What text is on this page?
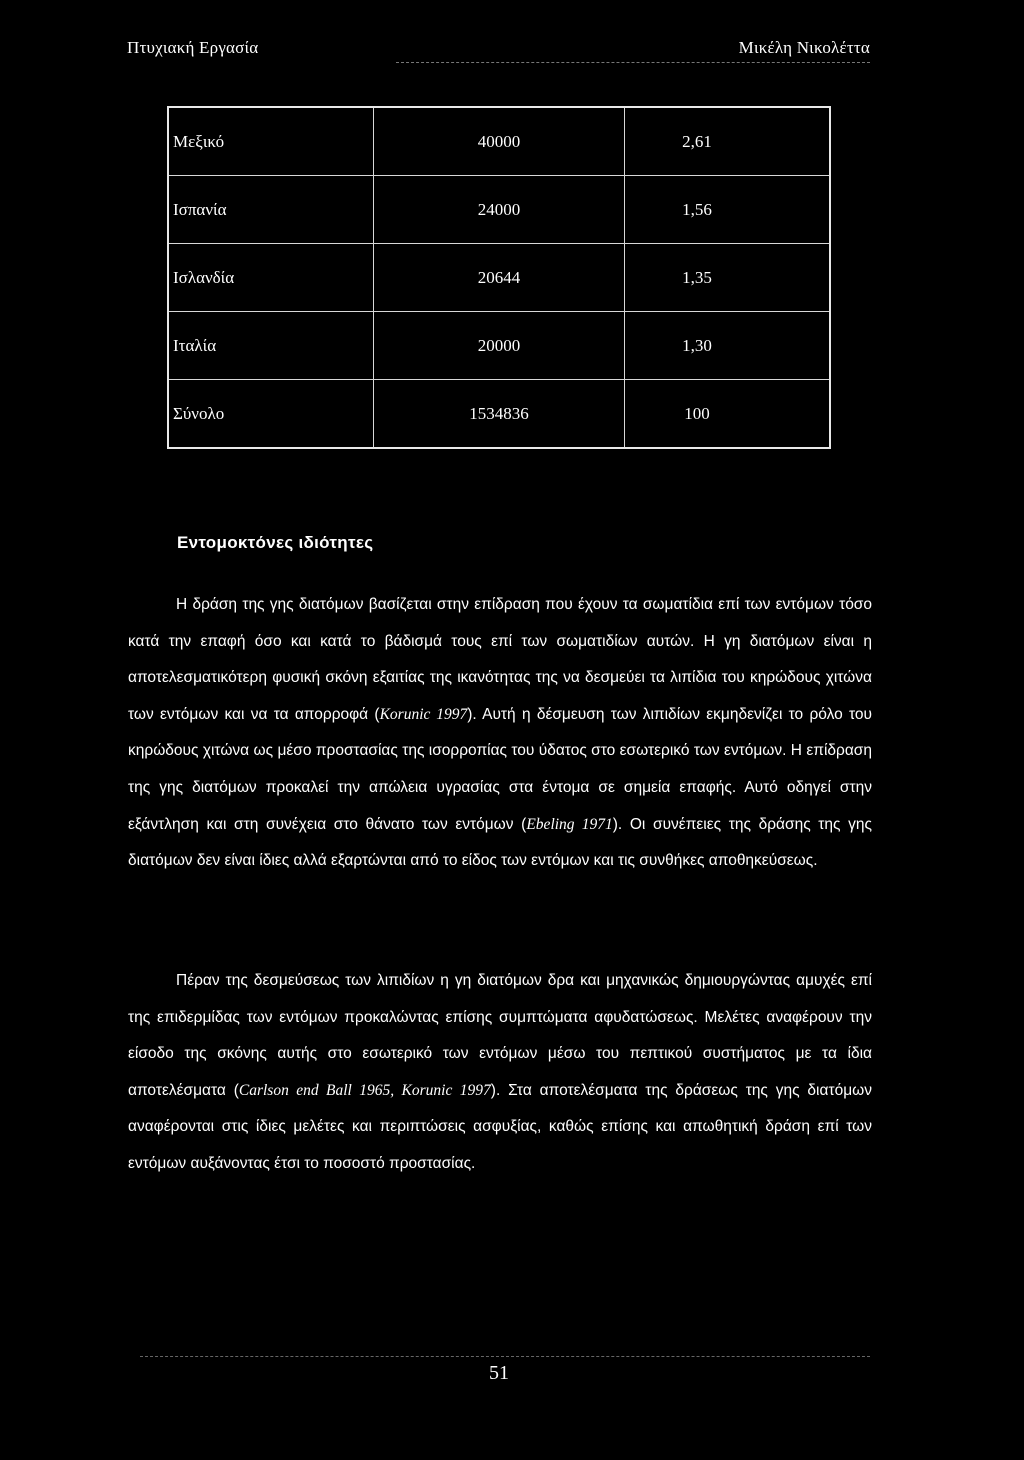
Πτυχιακή Εργασία	Μικέλη Νικολέττα
Μεξικό	40000	2,61
Ισπανία	24000	1,56
Ισλανδία	20644	1,35
Ιταλία	20000	1,30
Σύνολο	1534836	100
Εντομοκτόνες ιδιότητες

Η δράση της γης διατόμων βασίζεται στην επίδραση που έχουν τα σωματίδια επί των εντόμων τόσο κατά την επαφή όσο και κατά το βάδισμά τους επί των σωματιδίων αυτών. Η γη διατόμων είναι η αποτελεσματικότερη φυσική σκόνη εξαιτίας της ικανότητας της να δεσμεύει τα λιπίδια του κηρώδους χιτώνα των εντόμων και να τα απορροφά (Korunic 1997). Αυτή η δέσμευση των λιπιδίων εκμηδενίζει το ρόλο του κηρώδους χιτώνα ως μέσο προστασίας της ισορροπίας του ύδατος στο εσωτερικό των εντόμων. Η επίδραση της γης διατόμων προκαλεί την απώλεια υγρασίας στα έντομα σε σημεία επαφής. Αυτό οδηγεί στην εξάντληση και στη συνέχεια στο θάνατο των εντόμων (Ebeling 1971). Οι συνέπειες της δράσης της γης διατόμων δεν είναι ίδιες αλλά εξαρτώνται από το είδος των εντόμων και τις συνθήκες αποθηκεύσεως.

Πέραν της δεσμεύσεως των λιπιδίων η γη διατόμων δρα και μηχανικώς δημιουργώντας αμυχές επί της επιδερμίδας των εντόμων προκαλώντας επίσης συμπτώματα αφυδατώσεως. Μελέτες αναφέρουν την είσοδο της σκόνης αυτής στο εσωτερικό των εντόμων μέσω του πεπτικού συστήματος με τα ίδια αποτελέσματα (Carlson end Ball 1965, Korunic 1997). Στα αποτελέσματα της δράσεως της γης διατόμων αναφέρονται στις ίδιες μελέτες και περιπτώσεις ασφυξίας, καθώς επίσης και απωθητική δράση επί των εντόμων αυξάνοντας έτσι το ποσοστό προστασίας.

51
